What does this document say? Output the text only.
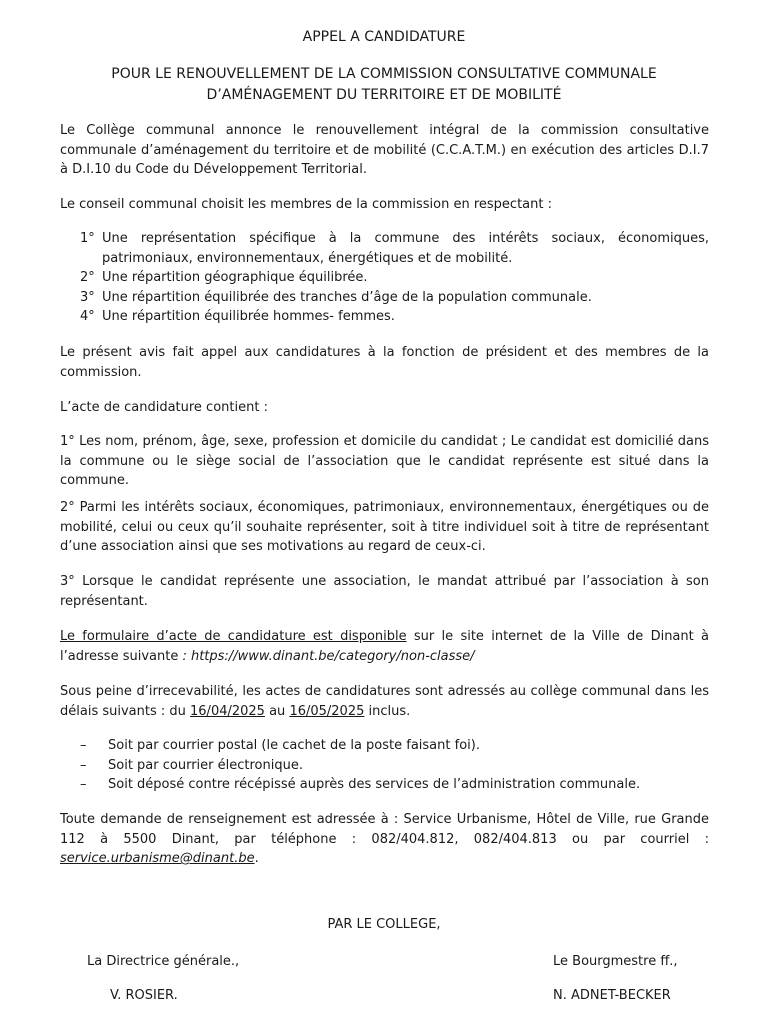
APPEL A CANDIDATURE
POUR LE RENOUVELLEMENT DE LA COMMISSION CONSULTATIVE COMMUNALE
D’AMÉNAGEMENT DU TERRITOIRE ET DE MOBILITÉ

Le Collège communal annonce le renouvellement intégral de la commission consultative communale d’aménagement du territoire et de mobilité (C.C.A.T.M.) en exécution des articles D.I.7 à D.I.10 du Code du Développement Territorial.

Le conseil communal choisit les membres de la commission en respectant :

1° Une représentation spécifique à la commune des intérêts sociaux, économiques, patrimoniaux, environnementaux, énergétiques et de mobilité.
2° Une répartition géographique équilibrée.
3° Une répartition équilibrée des tranches d’âge de la population communale.
4° Une répartition équilibrée hommes- femmes.

Le présent avis fait appel aux candidatures à la fonction de président et des membres de la commission.

L’acte de candidature contient :

1° Les nom, prénom, âge, sexe, profession et domicile du candidat ; Le candidat est domicilié dans la commune ou le siège social de l’association que le candidat représente est situé dans la commune.

2° Parmi les intérêts sociaux, économiques, patrimoniaux, environnementaux, énergétiques ou de mobilité, celui ou ceux qu’il souhaite représenter, soit à titre individuel soit à titre de représentant d’une association ainsi que ses motivations au regard de ceux-ci.

3° Lorsque le candidat représente une association, le mandat attribué par l’association à son représentant.

Le formulaire d’acte de candidature est disponible sur le site internet de la Ville de Dinant à l’adresse suivante : https://www.dinant.be/category/non-classe/

Sous peine d’irrecevabilité, les actes de candidatures sont adressés au collège communal dans les délais suivants : du 16/04/2025 au 16/05/2025 inclus.

– Soit par courrier postal (le cachet de la poste faisant foi).
– Soit par courrier électronique.
– Soit déposé contre récépissé auprès des services de l’administration communale.

Toute demande de renseignement est adressée à : Service Urbanisme, Hôtel de Ville, rue Grande 112 à 5500 Dinant, par téléphone : 082/404.812, 082/404.813 ou par courriel : service.urbanisme@dinant.be.

PAR LE COLLEGE,
La Directrice générale.,	Le Bourgmestre ff.,
V. ROSIER.	N. ADNET-BECKER
